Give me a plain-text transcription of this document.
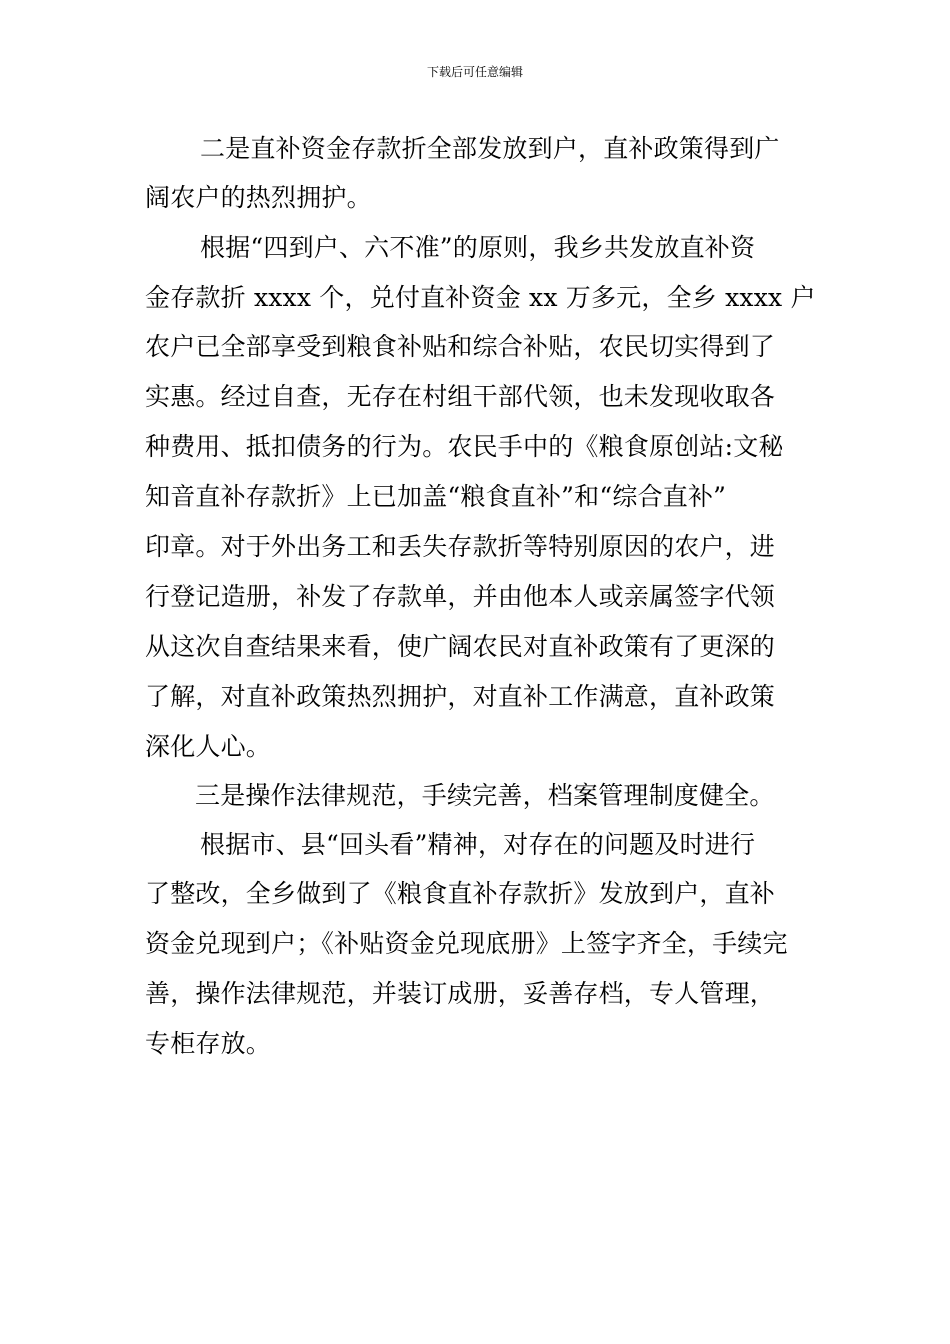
下载后可任意编辑
二是直补资金存款折全部发放到户，直补政策得到广
阔农户的热烈拥护。
根据“四到户、六不准”的原则，我乡共发放直补资
金存款折 xxxx 个，兑付直补资金 xx 万多元，全乡 xxxx 户
农户已全部享受到粮食补贴和综合补贴，农民切实得到了
实惠。经过自查，无存在村组干部代领，也未发现收取各
种费用、抵扣债务的行为。农民手中的《粮食原创站:文秘
知音直补存款折》上已加盖“粮食直补”和“综合直补”
印章。对于外出务工和丢失存款折等特别原因的农户，进
行登记造册，补发了存款单，并由他本人或亲属签字代领
从这次自查结果来看，使广阔农民对直补政策有了更深的
了解，对直补政策热烈拥护，对直补工作满意，直补政策
深化人心。
三是操作法律规范，手续完善，档案管理制度健全。
根据市、县“回头看”精神，对存在的问题及时进行
了整改，全乡做到了《粮食直补存款折》发放到户，直补
资金兑现到户；《补贴资金兑现底册》上签字齐全，手续完
善，操作法律规范，并装订成册，妥善存档，专人管理，
专柜存放。
